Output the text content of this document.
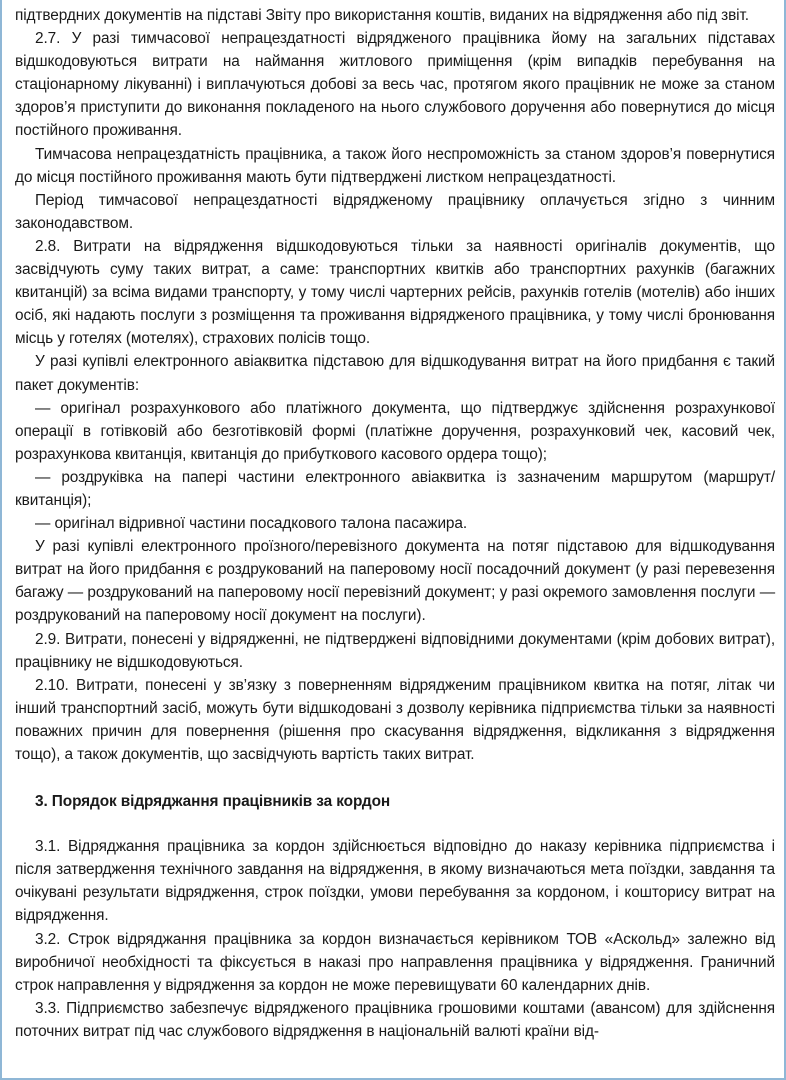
підтвердних документів на підставі Звіту про використання коштів, виданих на відрядження або під звіт.

2.7. У разі тимчасової непрацездатності відрядженого працівника йому на загальних підставах відшкодовуються витрати на наймання житлового приміщення (крім випадків перебування на стаціонарному лікуванні) і виплачуються добові за весь час, протягом якого працівник не може за станом здоров’я приступити до виконання покладеного на нього службового доручення або повернутися до місця постійного проживання.

Тимчасова непрацездатність працівника, а також його неспроможність за станом здоров’я повернутися до місця постійного проживання мають бути підтверджені листком непрацездатності.

Період тимчасової непрацездатності відрядженому працівнику оплачується згідно з чинним законодавством.

2.8. Витрати на відрядження відшкодовуються тільки за наявності оригіналів документів, що засвідчують суму таких витрат, а саме: транспортних квитків або транспортних рахунків (багажних квитанцій) за всіма видами транспорту, у тому числі чартерних рейсів, рахунків готелів (мотелів) або інших осіб, які надають послуги з розміщення та проживання відрядженого працівника, у тому числі бронювання місць у готелях (мотелях), страхових полісів тощо.

У разі купівлі електронного авіаквитка підставою для відшкодування витрат на його придбання є такий пакет документів:

— оригінал розрахункового або платіжного документа, що підтверджує здійснення розрахункової операції в готівковій або безготівковій формі (платіжне доручення, розрахунковий чек, касовий чек, розрахункова квитанція, квитанція до прибуткового касового ордера тощо);

— роздруківка на папері частини електронного авіаквитка із зазначеним маршрутом (маршрут/квитанція);

— оригінал відривної частини посадкового талона пасажира.

У разі купівлі електронного проїзного/перевізного документа на потяг підставою для відшкодування витрат на його придбання є роздрукований на паперовому носії посадочний документ (у разі перевезення багажу — роздрукований на паперовому носії перевізний документ; у разі окремого замовлення послуги — роздрукований на паперовому носії документ на послуги).

2.9. Витрати, понесені у відрядженні, не підтверджені відповідними документами (крім добових витрат), працівнику не відшкодовуються.

2.10. Витрати, понесені у зв’язку з поверненням відрядженим працівником квитка на потяг, літак чи інший транспортний засіб, можуть бути відшкодовані з дозволу керівника підприємства тільки за наявності поважних причин для повернення (рішення про скасування відрядження, відкликання з відрядження тощо), а також документів, що засвідчують вартість таких витрат.

3. Порядок відряджання працівників за кордон

3.1. Відряджання працівника за кордон здійснюється відповідно до наказу керівника підприємства і після затвердження технічного завдання на відрядження, в якому визначаються мета поїздки, завдання та очікувані результати відрядження, строк поїздки, умови перебування за кордоном, і кошторису витрат на відрядження.

3.2. Строк відряджання працівника за кордон визначається керівником ТОВ «Аскольд» залежно від виробничої необхідності та фіксується в наказі про направлення працівника у відрядження. Граничний строк направлення у відрядження за кордон не може перевищувати 60 календарних днів.

3.3. Підприємство забезпечує відрядженого працівника грошовими коштами (авансом) для здійснення поточних витрат під час службового відрядження в національній валюті країни від-
